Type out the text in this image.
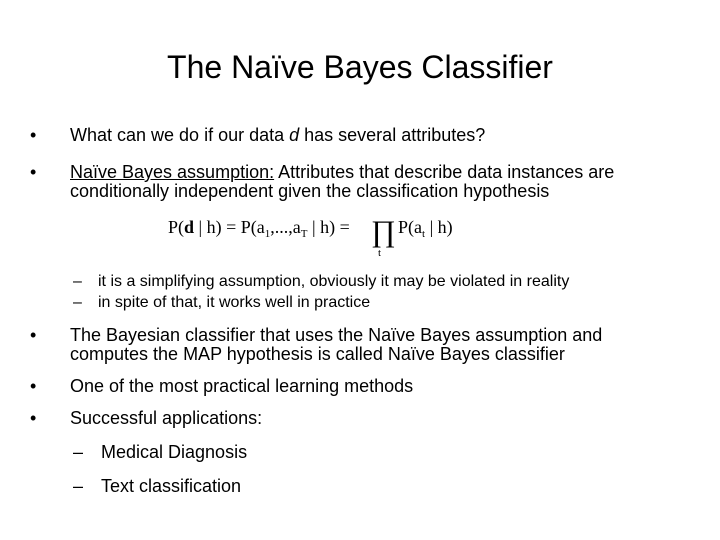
The Naïve Bayes Classifier
• What can we do if our data d has several attributes?
• Naïve Bayes assumption: Attributes that describe data instances are
conditionally independent given the classification hypothesis
P(d | $h) = P(a_1,...,a_T$ | h) = ∏
t
$P(a_t$ | h)
– it is a simplifying assumption, obviously it may be violated in reality
– in spite of that, it works well in practice
• The Bayesian classifier that uses the Naïve Bayes assumption and
computes the MAP hypothesis is called Naïve Bayes classifier
• One of the most practical learning methods
• Successful applications:
– Medical Diagnosis
– Text classification
